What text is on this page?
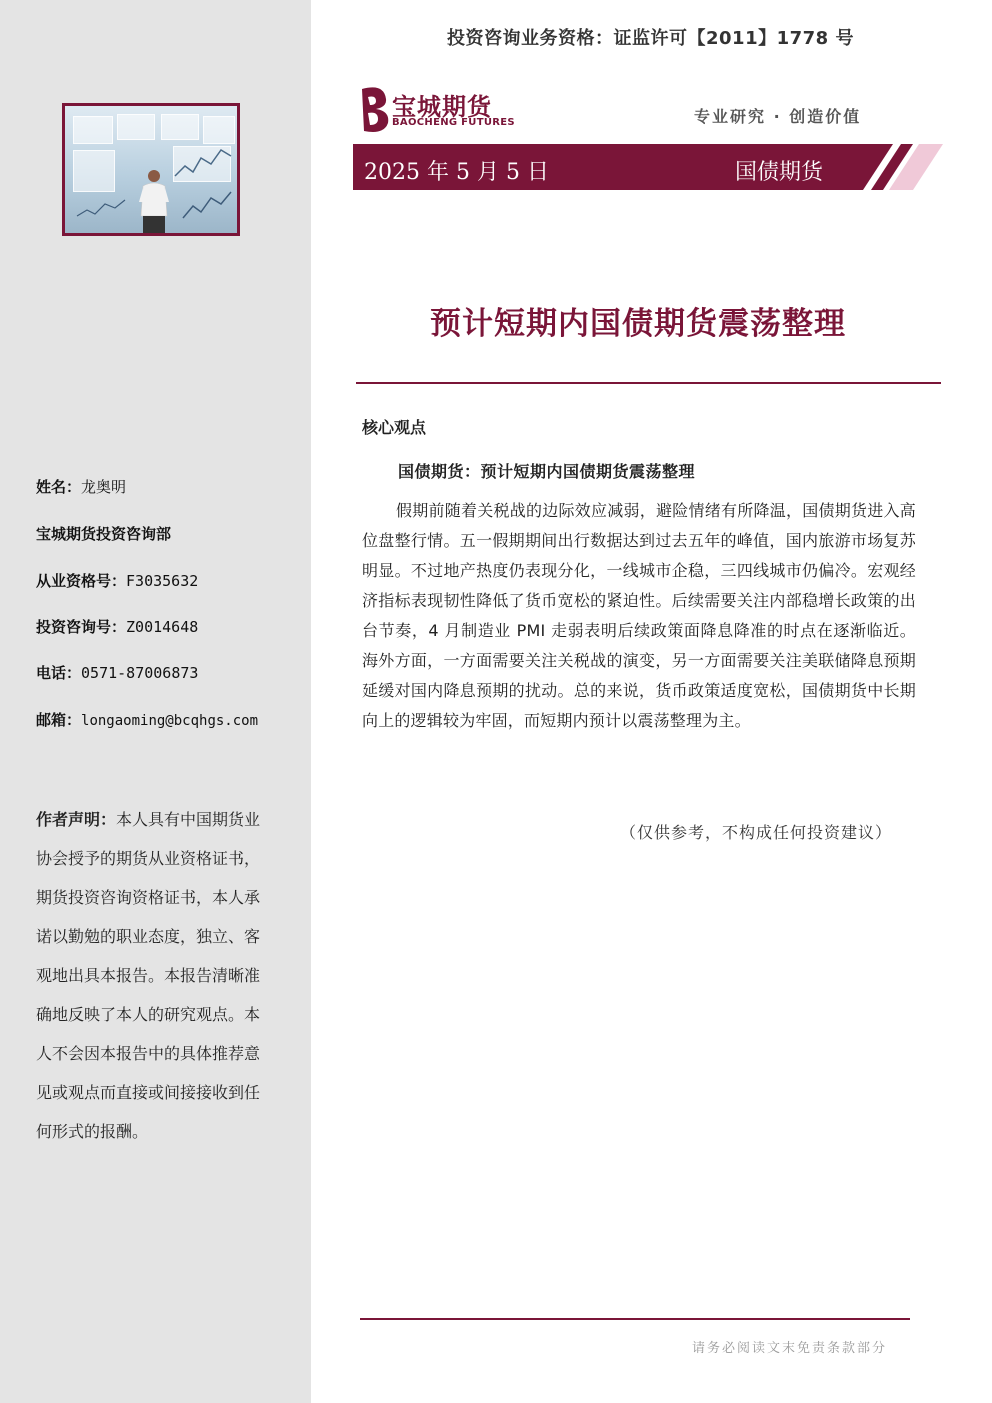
姓名：龙奥明
宝城期货投资咨询部
从业资格号：F3035632
投资咨询号：Z0014648
电话：0571-87006873
邮箱：longaoming@bcqhgs.com
作者声明：本人具有中国期货业协会授予的期货从业资格证书，期货投资咨询资格证书，本人承诺以勤勉的职业态度，独立、客观地出具本报告。本报告清晰准确地反映了本人的研究观点。本人不会因本报告中的具体推荐意见或观点而直接或间接接收到任何形式的报酬。
投资咨询业务资格：证监许可【2011】1778 号
宝城期货
BAOCHENG FUTURES	专业研究 · 创造价值
2025 年 5 月 5 日	国债期货
预计短期内国债期货震荡整理
核心观点
国债期货：预计短期内国债期货震荡整理
假期前随着关税战的边际效应减弱，避险情绪有所降温，国债期货进入高位盘整行情。五一假期期间出行数据达到过去五年的峰值，国内旅游市场复苏明显。不过地产热度仍表现分化，一线城市企稳，三四线城市仍偏冷。宏观经济指标表现韧性降低了货币宽松的紧迫性。后续需要关注内部稳增长政策的出台节奏，4 月制造业 PMI 走弱表明后续政策面降息降准的时点在逐渐临近。海外方面，一方面需要关注关税战的演变，另一方面需要关注美联储降息预期延缓对国内降息预期的扰动。总的来说，货币政策适度宽松，国债期货中长期向上的逻辑较为牢固，而短期内预计以震荡整理为主。
（仅供参考，不构成任何投资建议）
请务必阅读文末免责条款部分
